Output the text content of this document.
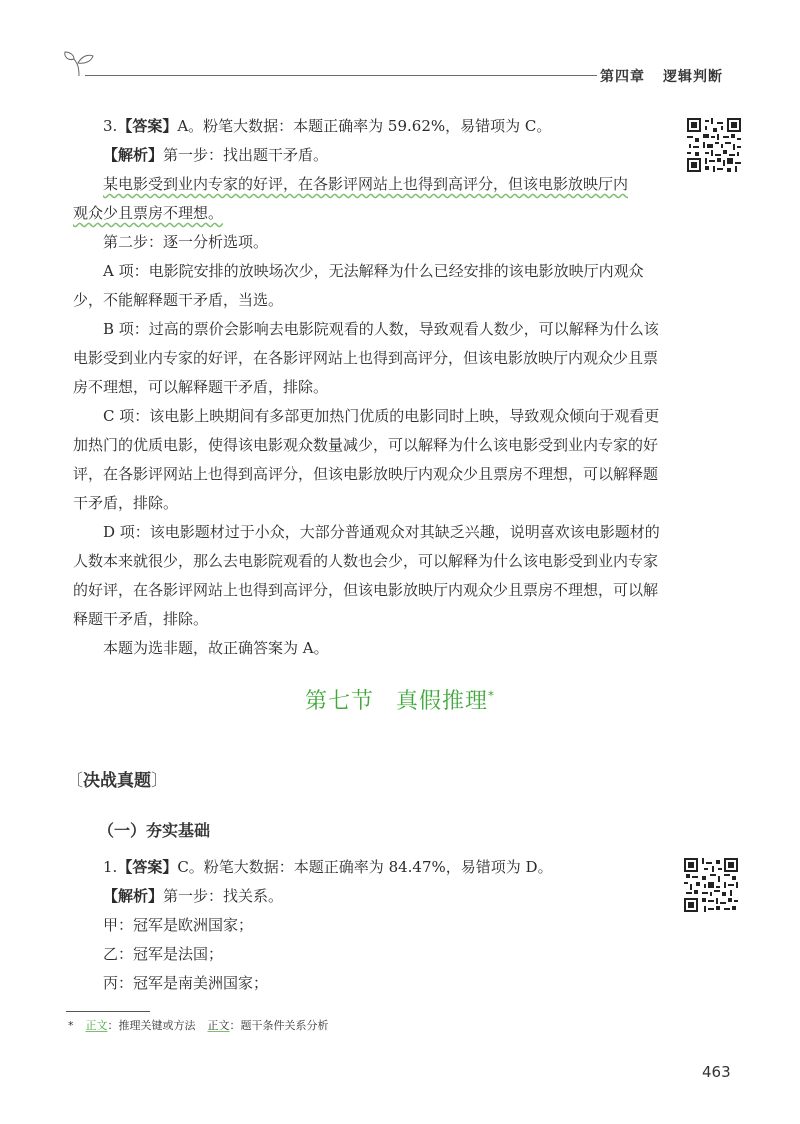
第四章 逻辑判断
3.【答案】A。粉笔大数据：本题正确率为 59.62%，易错项为 C。
【解析】第一步：找出题干矛盾。
某电影受到业内专家的好评，在各影评网站上也得到高评分，但该电影放映厅内
观众少且票房不理想。
第二步：逐一分析选项。
A 项：电影院安排的放映场次少，无法解释为什么已经安排的该电影放映厅内观众少，不能解释题干矛盾，当选。
B 项：过高的票价会影响去电影院观看的人数，导致观看人数少，可以解释为什么该电影受到业内专家的好评，在各影评网站上也得到高评分，但该电影放映厅内观众少且票房不理想，可以解释题干矛盾，排除。
C 项：该电影上映期间有多部更加热门优质的电影同时上映，导致观众倾向于观看更加热门的优质电影，使得该电影观众数量减少，可以解释为什么该电影受到业内专家的好评，在各影评网站上也得到高评分，但该电影放映厅内观众少且票房不理想，可以解释题干矛盾，排除。
D 项：该电影题材过于小众，大部分普通观众对其缺乏兴趣，说明喜欢该电影题材的人数本来就很少，那么去电影院观看的人数也会少，可以解释为什么该电影受到业内专家的好评，在各影评网站上也得到高评分，但该电影放映厅内观众少且票房不理想，可以解释题干矛盾，排除。
本题为选非题，故正确答案为 A。
第七节 真假推理*
〔决战真题〕
（一）夯实基础
1.【答案】C。粉笔大数据：本题正确率为 84.47%，易错项为 D。
【解析】第一步：找关系。
甲：冠军是欧洲国家；
乙：冠军是法国；
丙：冠军是南美洲国家；
* 正文：推理关键或方法 正文：题干条件关系分析
463
